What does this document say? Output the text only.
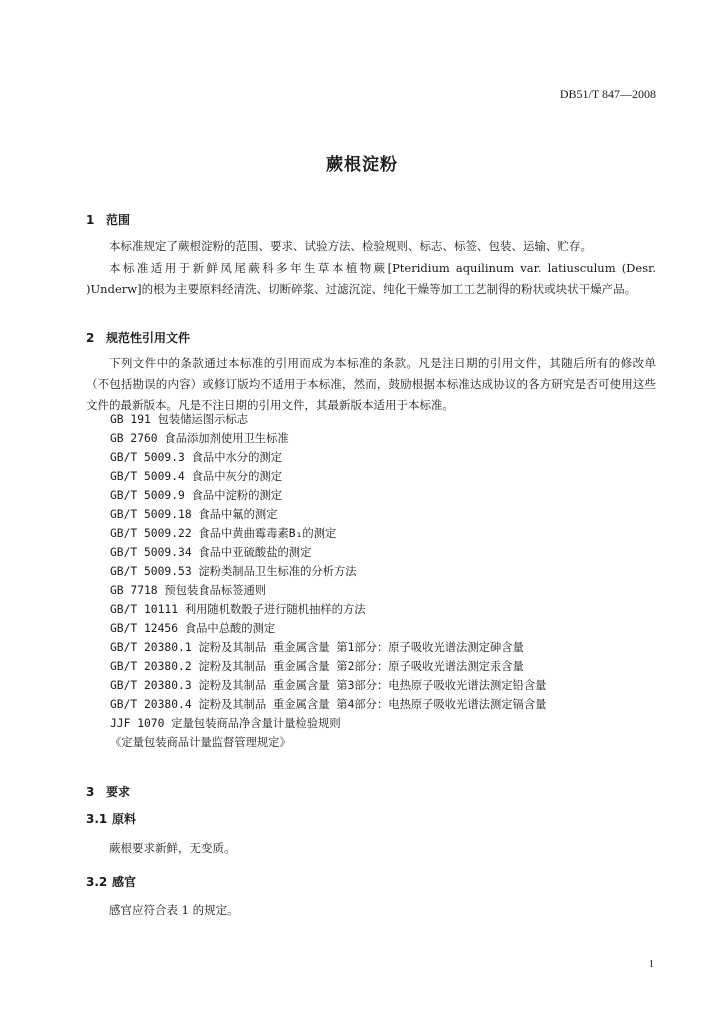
DB51/T 847—2008
蕨根淀粉
1 范围
本标准规定了蕨根淀粉的范围、要求、试验方法、检验规则、标志、标签、包装、运输、贮存。
本标准适用于新鲜凤尾蕨科多年生草本植物蕨[Pteridium aquilinum var. latiusculum (Desr. )Underw]的根为主要原料经清洗、切断碎浆、过滤沉淀、纯化干燥等加工工艺制得的粉状或块状干燥产品。
2 规范性引用文件
下列文件中的条款通过本标准的引用而成为本标准的条款。凡是注日期的引用文件，其随后所有的修改单（不包括勘误的内容）或修订版均不适用于本标准，然而，鼓励根据本标准达成协议的各方研究是否可使用这些文件的最新版本。凡是不注日期的引用文件，其最新版本适用于本标准。
GB 191 包装储运图示标志
GB 2760 食品添加剂使用卫生标准
GB/T 5009.3 食品中水分的测定
GB/T 5009.4 食品中灰分的测定
GB/T 5009.9 食品中淀粉的测定
GB/T 5009.18 食品中氟的测定
GB/T 5009.22 食品中黄曲霉毒素B₁的测定
GB/T 5009.34 食品中亚硫酸盐的测定
GB/T 5009.53 淀粉类制品卫生标准的分析方法
GB 7718 预包装食品标签通则
GB/T 10111 利用随机数骰子进行随机抽样的方法
GB/T 12456 食品中总酸的测定
GB/T 20380.1 淀粉及其制品 重金属含量 第1部分：原子吸收光谱法测定砷含量
GB/T 20380.2 淀粉及其制品 重金属含量 第2部分：原子吸收光谱法测定汞含量
GB/T 20380.3 淀粉及其制品 重金属含量 第3部分：电热原子吸收光谱法测定铅含量
GB/T 20380.4 淀粉及其制品 重金属含量 第4部分：电热原子吸收光谱法测定镉含量
JJF 1070 定量包装商品净含量计量检验规则
《定量包装商品计量监督管理规定》
3 要求
3.1 原料
蕨根要求新鲜，无变质。
3.2 感官
感官应符合表 1 的规定。
1
